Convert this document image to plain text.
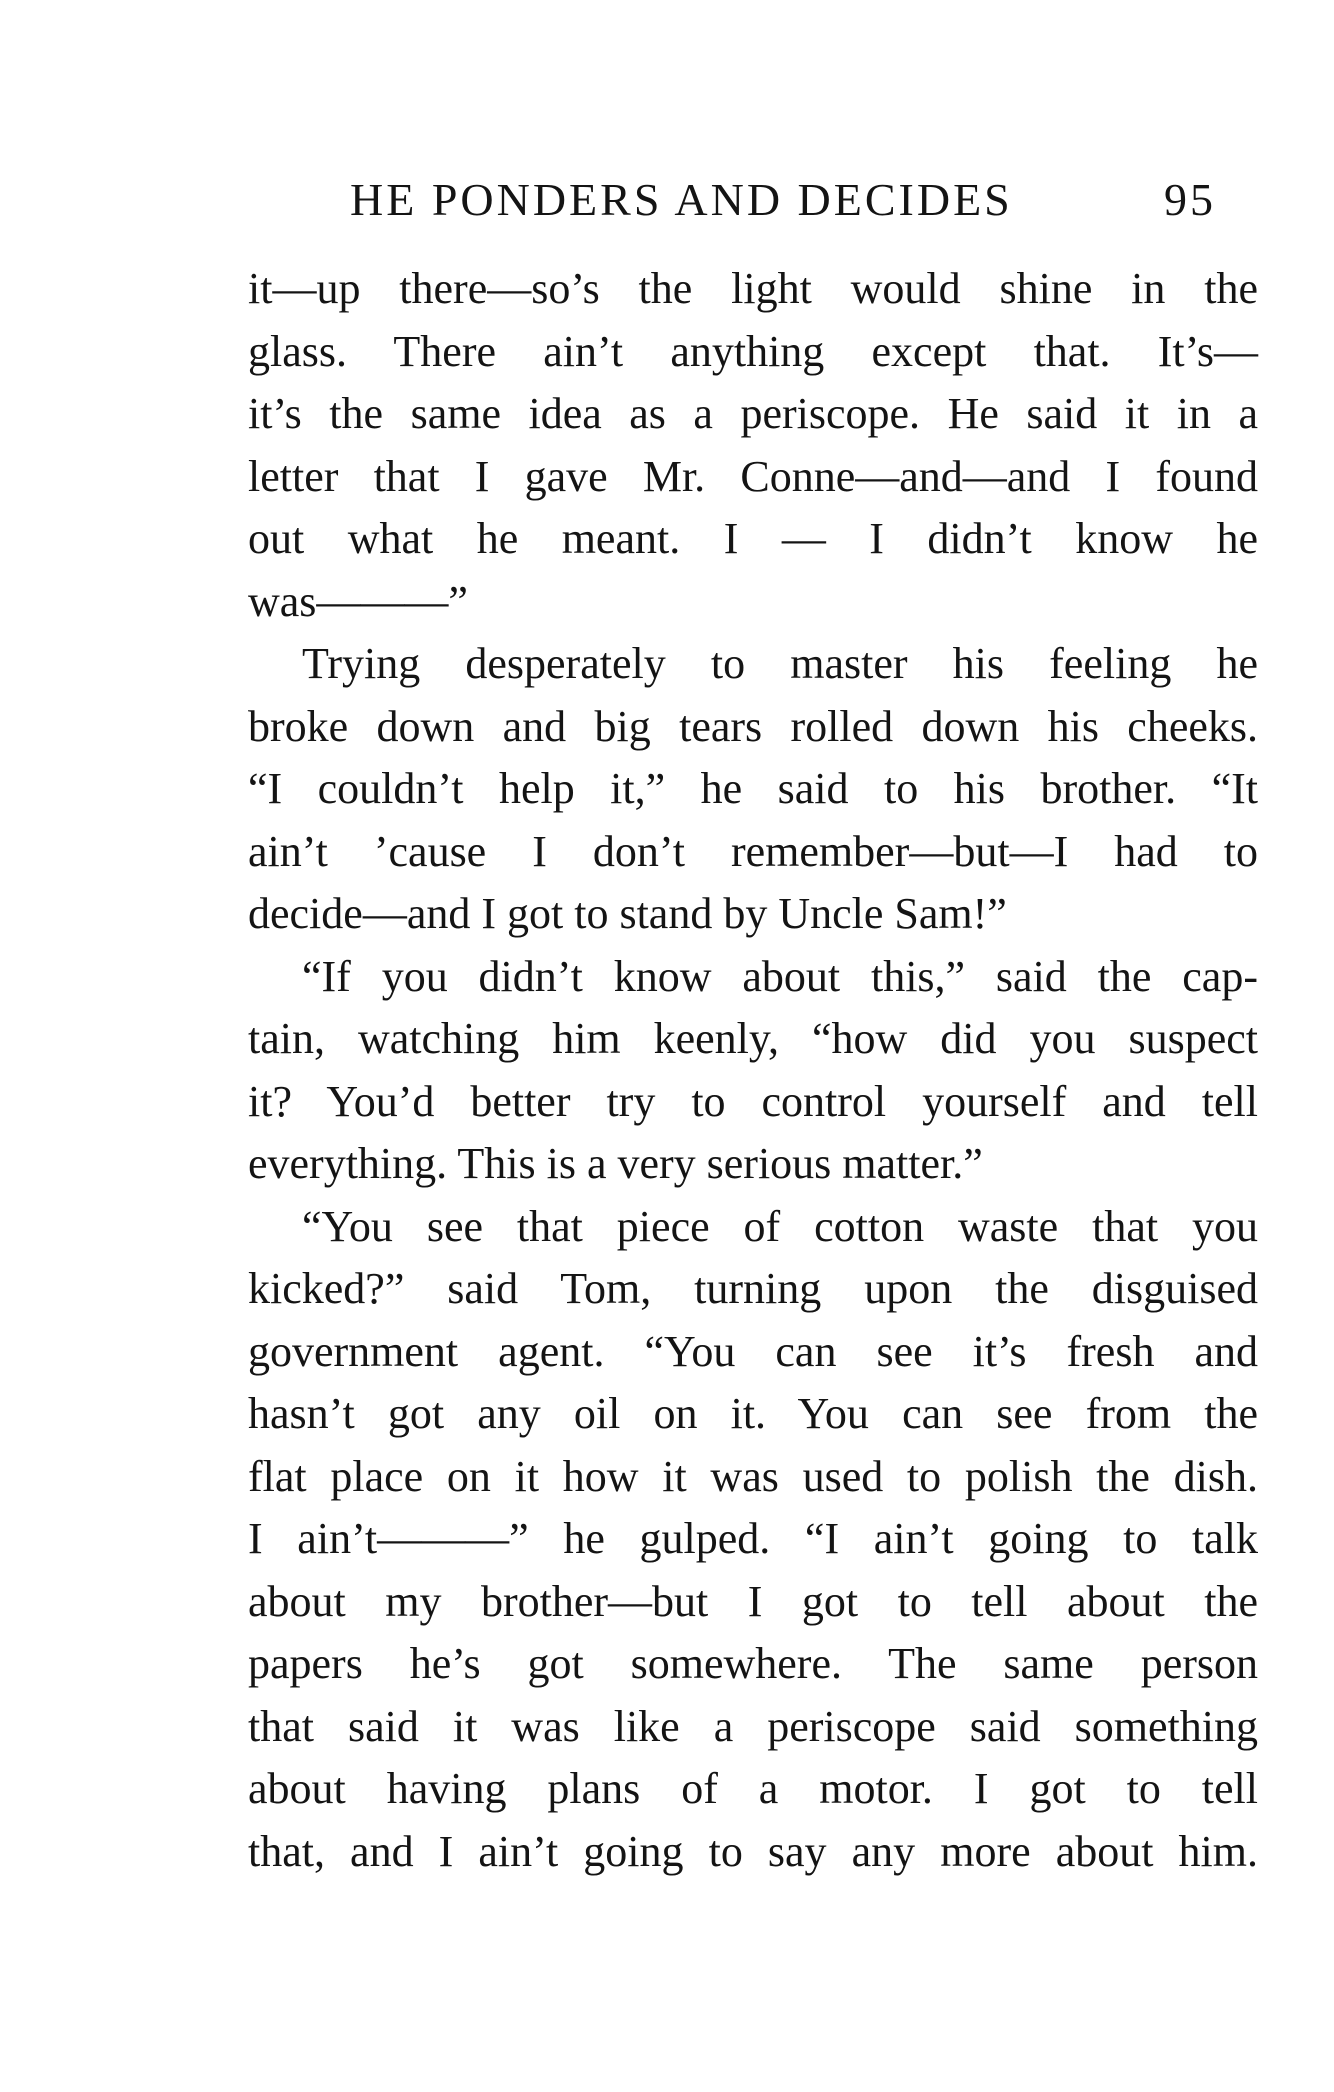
HE PONDERS AND DECIDES	95
it—up there—so’s the light would shine in the
glass. There ain’t anything except that. It’s—
it’s the same idea as a periscope. He said it in a
letter that I gave Mr. Conne—and—and I found
out what he meant. I — I didn’t know he
was———”
Trying desperately to master his feeling he
broke down and big tears rolled down his cheeks.
“I couldn’t help it,” he said to his brother. “It
ain’t ’cause I don’t remember—but—I had to
decide—and I got to stand by Uncle Sam!”
“If you didn’t know about this,” said the cap-
tain, watching him keenly, “how did you suspect
it? You’d better try to control yourself and tell
everything. This is a very serious matter.”
“You see that piece of cotton waste that you
kicked?” said Tom, turning upon the disguised
government agent. “You can see it’s fresh and
hasn’t got any oil on it. You can see from the
flat place on it how it was used to polish the dish.
I ain’t———” he gulped. “I ain’t going to talk
about my brother—but I got to tell about the
papers he’s got somewhere. The same person
that said it was like a periscope said something
about having plans of a motor. I got to tell
that, and I ain’t going to say any more about him.
